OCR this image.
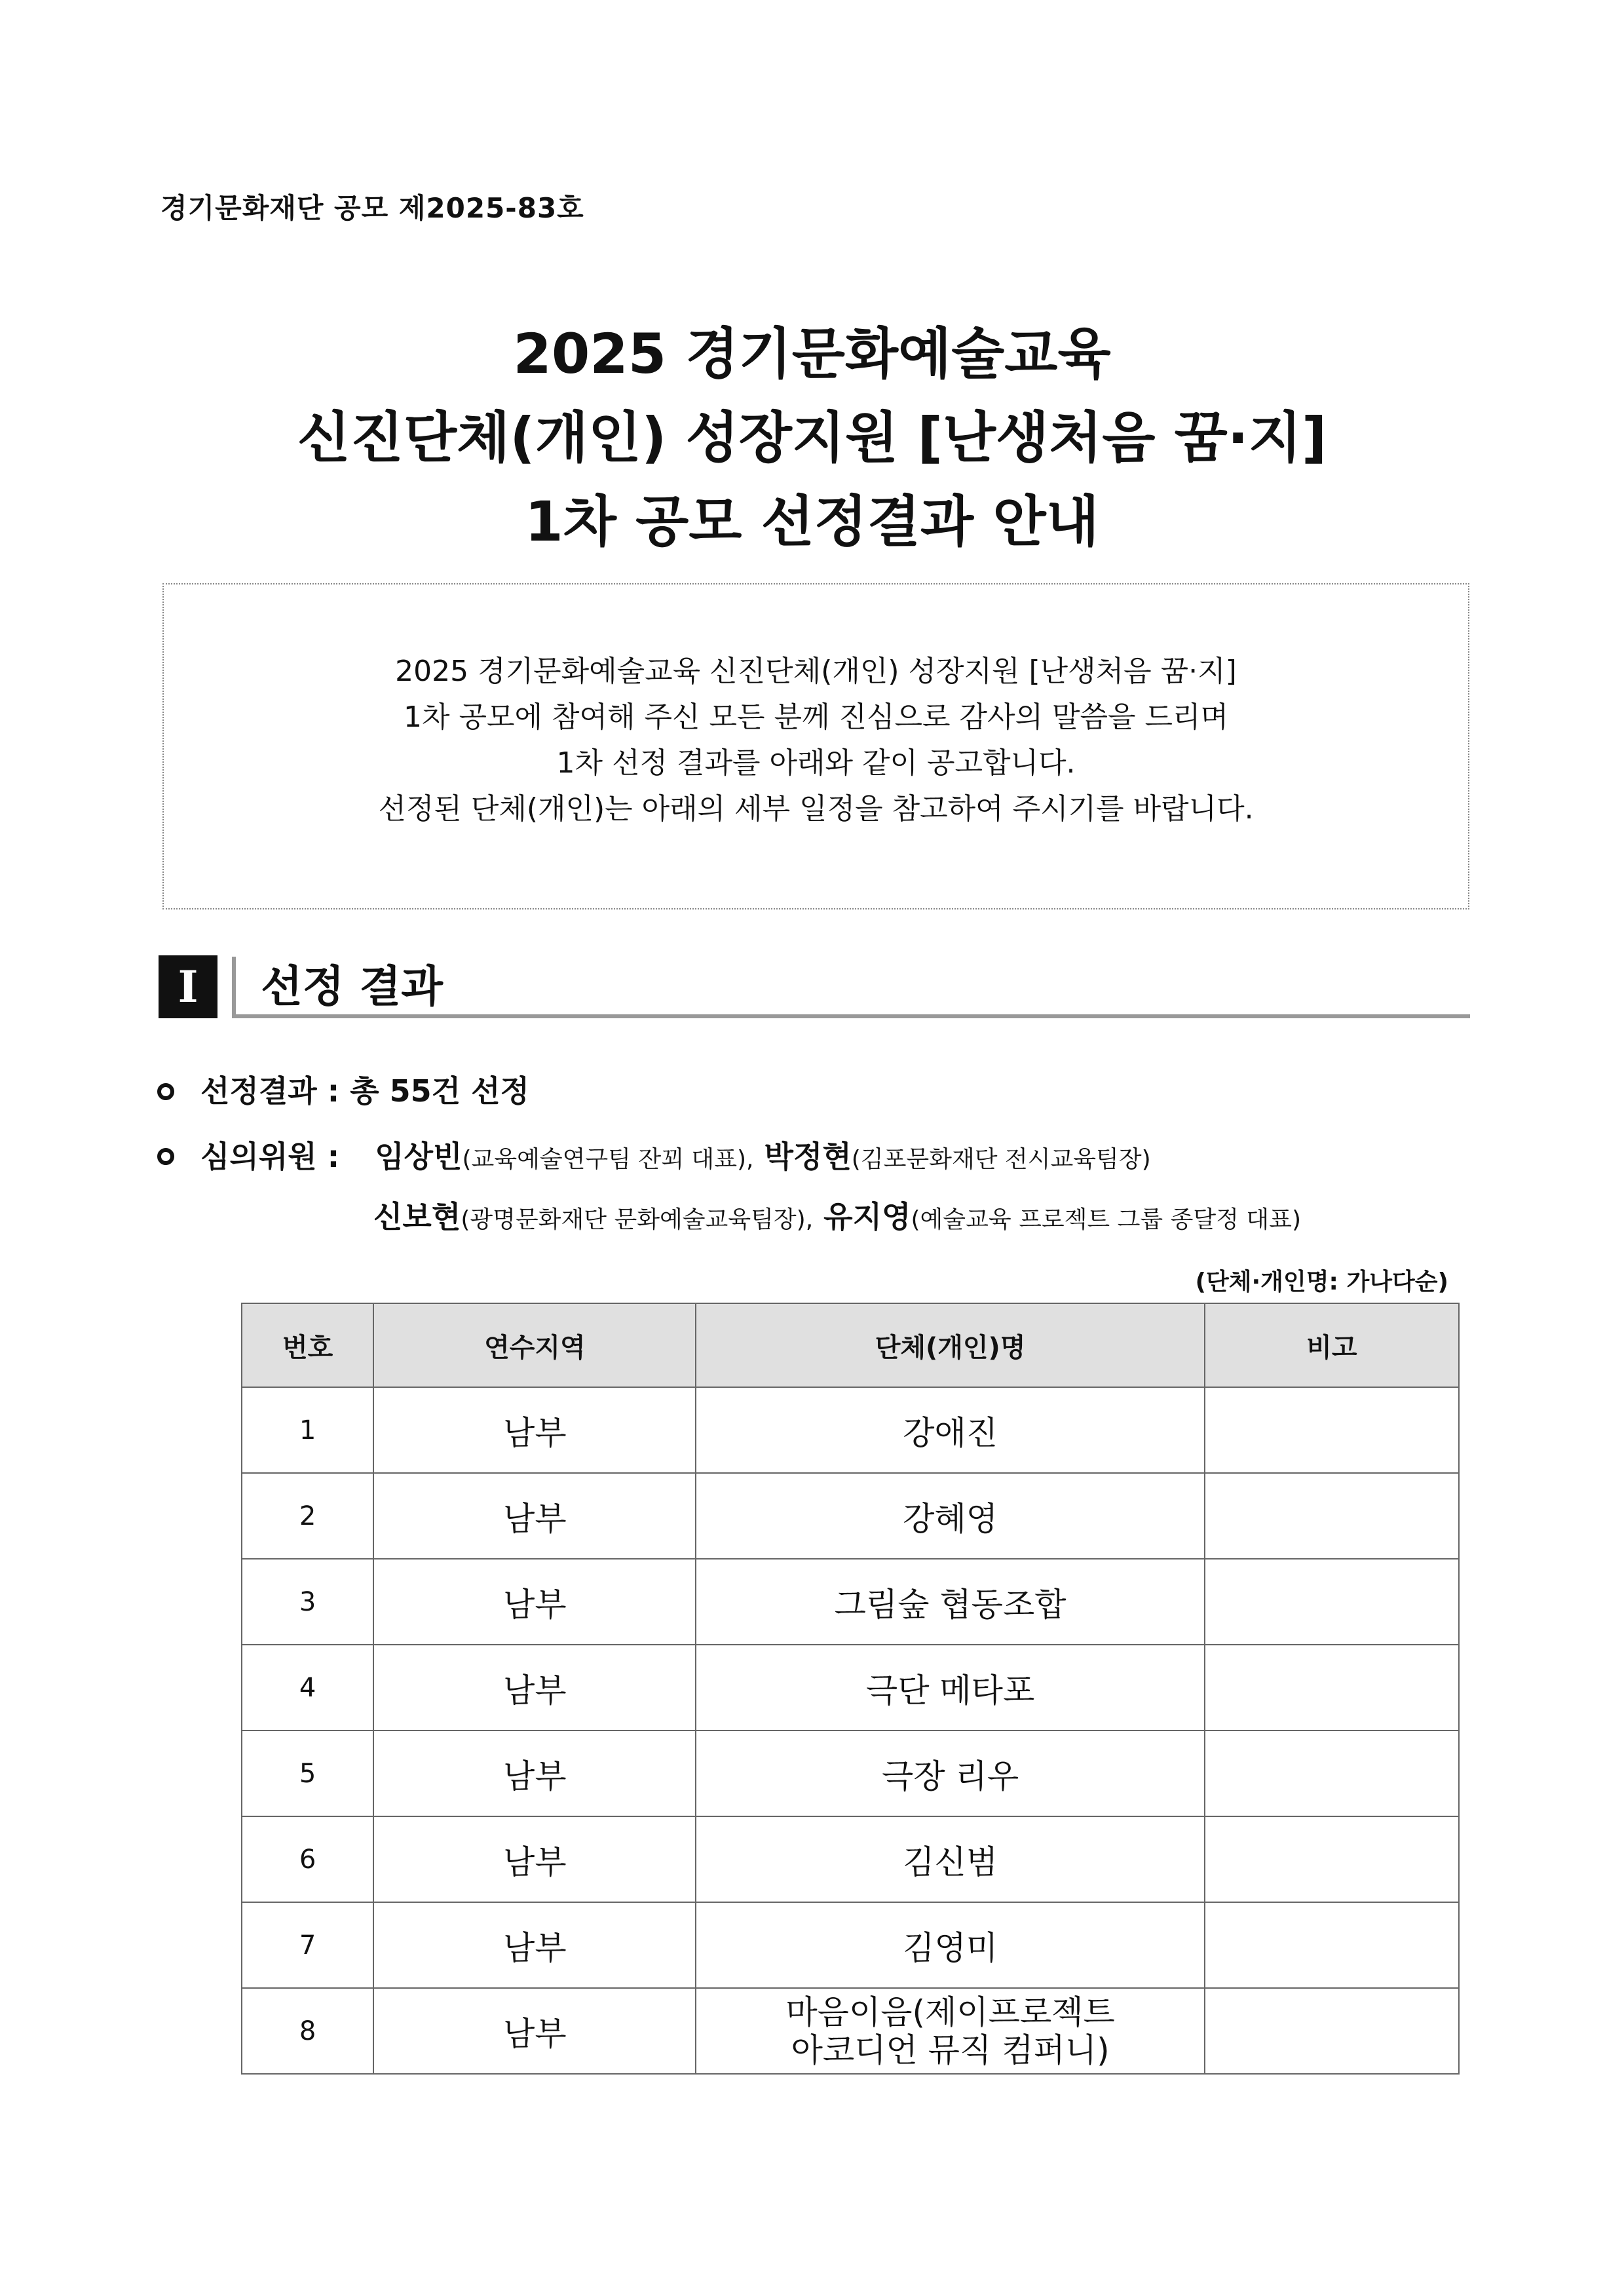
경기문화재단 공모 제2025-83호
2025 경기문화예술교육
신진단체(개인) 성장지원 [난생처음 꿈·지]
1차 공모 선정결과 안내
2025 경기문화예술교육 신진단체(개인) 성장지원 [난생처음 꿈·지]
1차 공모에 참여해 주신 모든 분께 진심으로 감사의 말씀을 드리며
1차 선정 결과를 아래와 같이 공고합니다.
선정된 단체(개인)는 아래의 세부 일정을 참고하여 주시기를 바랍니다.
I	선정 결과
선정결과 : 총 55건 선정
심의위원 : 임상빈(교육예술연구팀 잔꾀 대표), 박정현(김포문화재단 전시교육팀장)
신보현(광명문화재단 문화예술교육팀장), 유지영(예술교육 프로젝트 그룹 종달정 대표)
(단체·개인명: 가나다순)
번호	연수지역	단체(개인)명	비고
1	남부	강애진	
2	남부	강혜영	
3	남부	그림숲 협동조합	
4	남부	극단 메타포	
5	남부	극장 리우	
6	남부	김신범	
7	남부	김영미	
8	남부	마음이음(제이프로젝트
아코디언 뮤직 컴퍼니)	
